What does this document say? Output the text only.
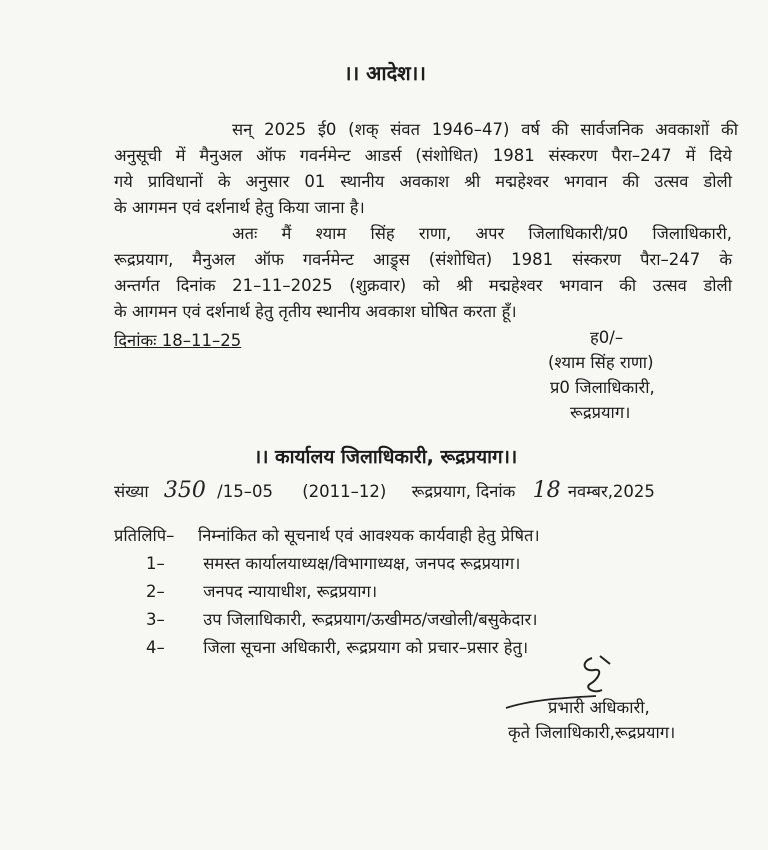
।। आदेश।।
सन् 2025 ई0 (शक् संवत 1946–47) वर्ष की सार्वजनिक अवकाशों की
अनुसूची में मैनुअल ऑफ गवर्नमेन्ट आडर्स (संशोधित) 1981 संस्करण पैरा–247 में दिये
गये प्राविधानों के अनुसार 01 स्थानीय अवकाश श्री मद्महेश्वर भगवान की उत्सव डोली
के आगमन एवं दर्शनार्थ हेतु किया जाना है।
अतः मैं श्याम सिंह राणा, अपर जिलाधिकारी/प्र0 जिलाधिकारी,
रूद्रप्रयाग, मैनुअल ऑफ गवर्नमेन्ट आड्र्स (संशोधित) 1981 संस्करण पैरा–247 के
अन्तर्गत दिनांक 21–11–2025 (शुक्रवार) को श्री मद्महेश्वर भगवान की उत्सव डोली
के आगमन एवं दर्शनार्थ हेतु तृतीय स्थानीय अवकाश घोषित करता हूँ।
ह0/–
दिनांकः 18–11–25
(श्याम सिंह राणा)
प्र0 जिलाधिकारी,
रूद्रप्रयाग।
।। कार्यालय जिलाधिकारी, रूद्रप्रयाग।।
संख्या 350 /15–05 (2011–12) रूद्रप्रयाग, दिनांक 18 नवम्बर,2025
प्रतिलिपि– निम्नांकित को सूचनार्थ एवं आवश्यक कार्यवाही हेतु प्रेषित।
1– समस्त कार्यालयाध्यक्ष/विभागाध्यक्ष, जनपद रूद्रप्रयाग।
2– जनपद न्यायाधीश, रूद्रप्रयाग।
3– उप जिलाधिकारी, रूद्रप्रयाग/ऊखीमठ/जखोली/बसुकेदार।
4– जिला सूचना अधिकारी, रूद्रप्रयाग को प्रचार–प्रसार हेतु।
प्रभारी अधिकारी,
कृते जिलाधिकारी,रूद्रप्रयाग।
